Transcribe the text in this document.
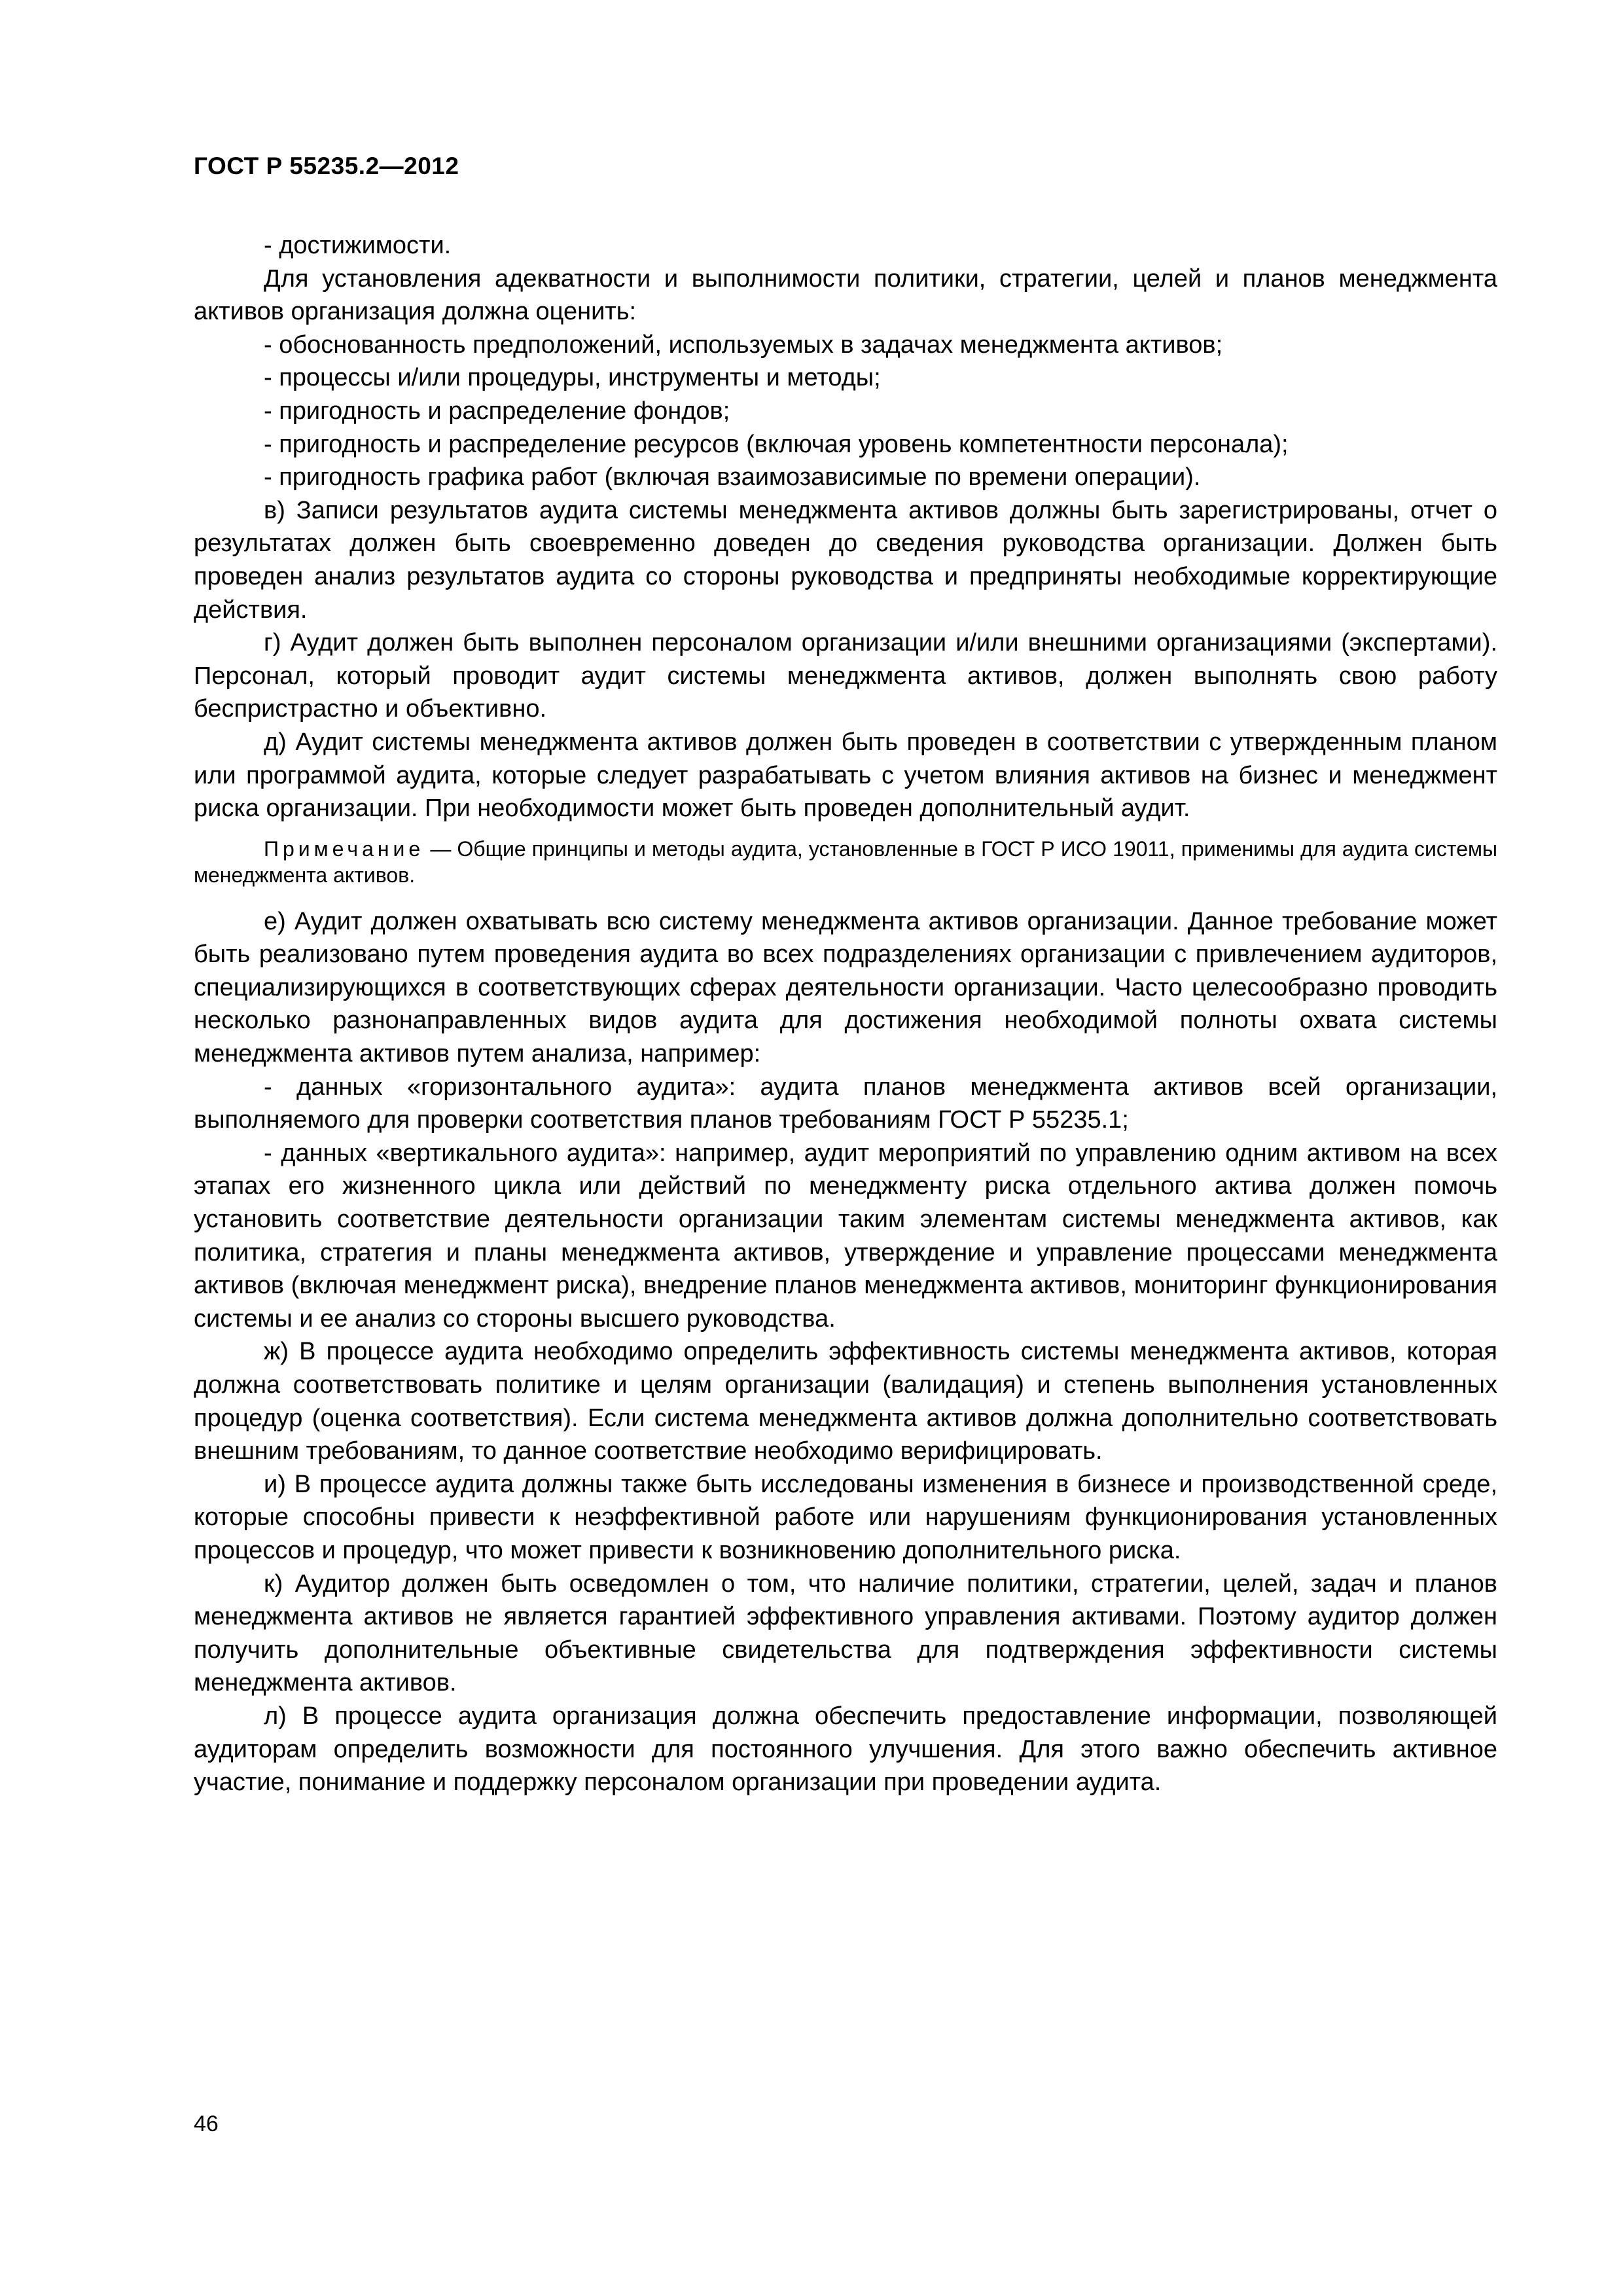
ГОСТ Р 55235.2—2012

- достижимости.

Для установления адекватности и выполнимости политики, стратегии, целей и планов менеджмента активов организация должна оценить:

- обоснованность предположений, используемых в задачах менеджмента активов;

- процессы и/или процедуры, инструменты и методы;

- пригодность и распределение фондов;

- пригодность и распределение ресурсов (включая уровень компетентности персонала);

- пригодность графика работ (включая взаимозависимые по времени операции).

в) Записи результатов аудита системы менеджмента активов должны быть зарегистрированы, отчет о результатах должен быть своевременно доведен до сведения руководства организации. Должен быть проведен анализ результатов аудита со стороны руководства и предприняты необходимые корректирующие действия.

г) Аудит должен быть выполнен персоналом организации и/или внешними организациями (экспертами). Персонал, который проводит аудит системы менеджмента активов, должен выполнять свою работу беспристрастно и объективно.

д) Аудит системы менеджмента активов должен быть проведен в соответствии с утвержденным планом или программой аудита, которые следует разрабатывать с учетом влияния активов на бизнес и менеджмент риска организации. При необходимости может быть проведен дополнительный аудит.

Примечание — Общие принципы и методы аудита, установленные в ГОСТ Р ИСО 19011, применимы для аудита системы менеджмента активов.

е) Аудит должен охватывать всю систему менеджмента активов организации. Данное требование может быть реализовано путем проведения аудита во всех подразделениях организации с привлечением аудиторов, специализирующихся в соответствующих сферах деятельности организации. Часто целесообразно проводить несколько разнонаправленных видов аудита для достижения необходимой полноты охвата системы менеджмента активов путем анализа, например:

- данных «горизонтального аудита»: аудита планов менеджмента активов всей организации, выполняемого для проверки соответствия планов требованиям ГОСТ Р 55235.1;

- данных «вертикального аудита»: например, аудит мероприятий по управлению одним активом на всех этапах его жизненного цикла или действий по менеджменту риска отдельного актива должен помочь установить соответствие деятельности организации таким элементам системы менеджмента активов, как политика, стратегия и планы менеджмента активов, утверждение и управление процессами менеджмента активов (включая менеджмент риска), внедрение планов менеджмента активов, мониторинг функционирования системы и ее анализ со стороны высшего руководства.

ж) В процессе аудита необходимо определить эффективность системы менеджмента активов, которая должна соответствовать политике и целям организации (валидация) и степень выполнения установленных процедур (оценка соответствия). Если система менеджмента активов должна дополнительно соответствовать внешним требованиям, то данное соответствие необходимо верифицировать.

и) В процессе аудита должны также быть исследованы изменения в бизнесе и производственной среде, которые способны привести к неэффективной работе или нарушениям функционирования установленных процессов и процедур, что может привести к возникновению дополнительного риска.

к) Аудитор должен быть осведомлен о том, что наличие политики, стратегии, целей, задач и планов менеджмента активов не является гарантией эффективного управления активами. Поэтому аудитор должен получить дополнительные объективные свидетельства для подтверждения эффективности системы менеджмента активов.

л) В процессе аудита организация должна обеспечить предоставление информации, позволяющей аудиторам определить возможности для постоянного улучшения. Для этого важно обеспечить активное участие, понимание и поддержку персоналом организации при проведении аудита.

46
